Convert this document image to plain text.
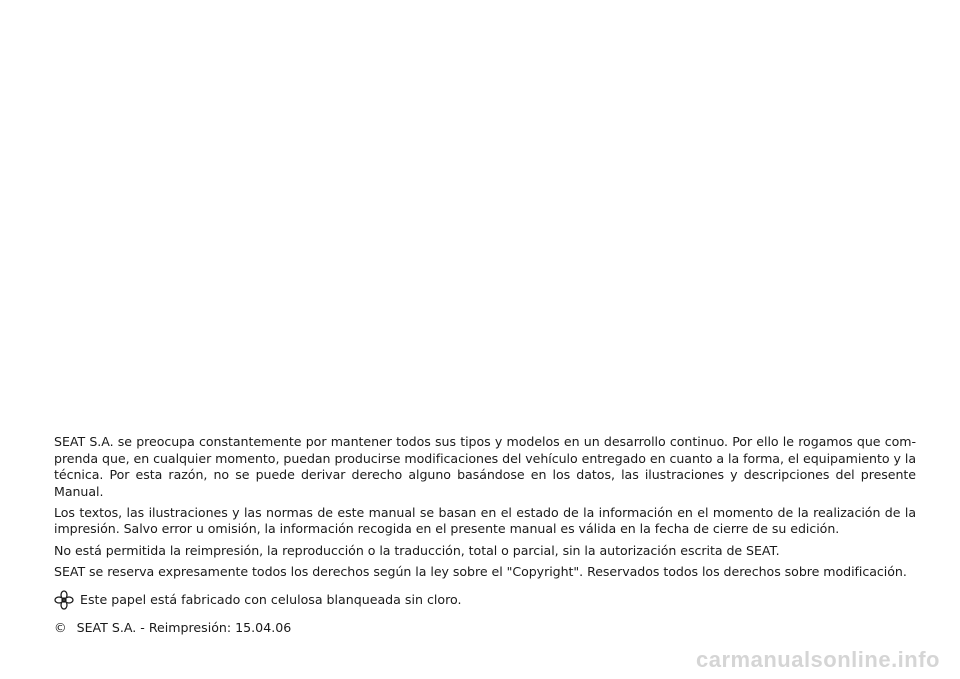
SEAT S.A. se preocupa constantemente por mantener todos sus tipos y modelos en un desarrollo continuo. Por ello le rogamos que com-prenda que, en cualquier momento, puedan producirse modificaciones del vehículo entregado en cuanto a la forma, el equipamiento y la técnica. Por esta razón, no se puede derivar derecho alguno basándose en los datos, las ilustraciones y descripciones del presente Manual.

Los textos, las ilustraciones y las normas de este manual se basan en el estado de la información en el momento de la realización de la impresión. Salvo error u omisión, la información recogida en el presente manual es válida en la fecha de cierre de su edición.

No está permitida la reimpresión, la reproducción o la traducción, total o parcial, sin la autorización escrita de SEAT.

SEAT se reserva expresamente todos los derechos según la ley sobre el "Copyright". Reservados todos los derechos sobre modificación.

Este papel está fabricado con celulosa blanqueada sin cloro.
© SEAT S.A. - Reimpresión: 15.04.06
carmanualsonline.info
